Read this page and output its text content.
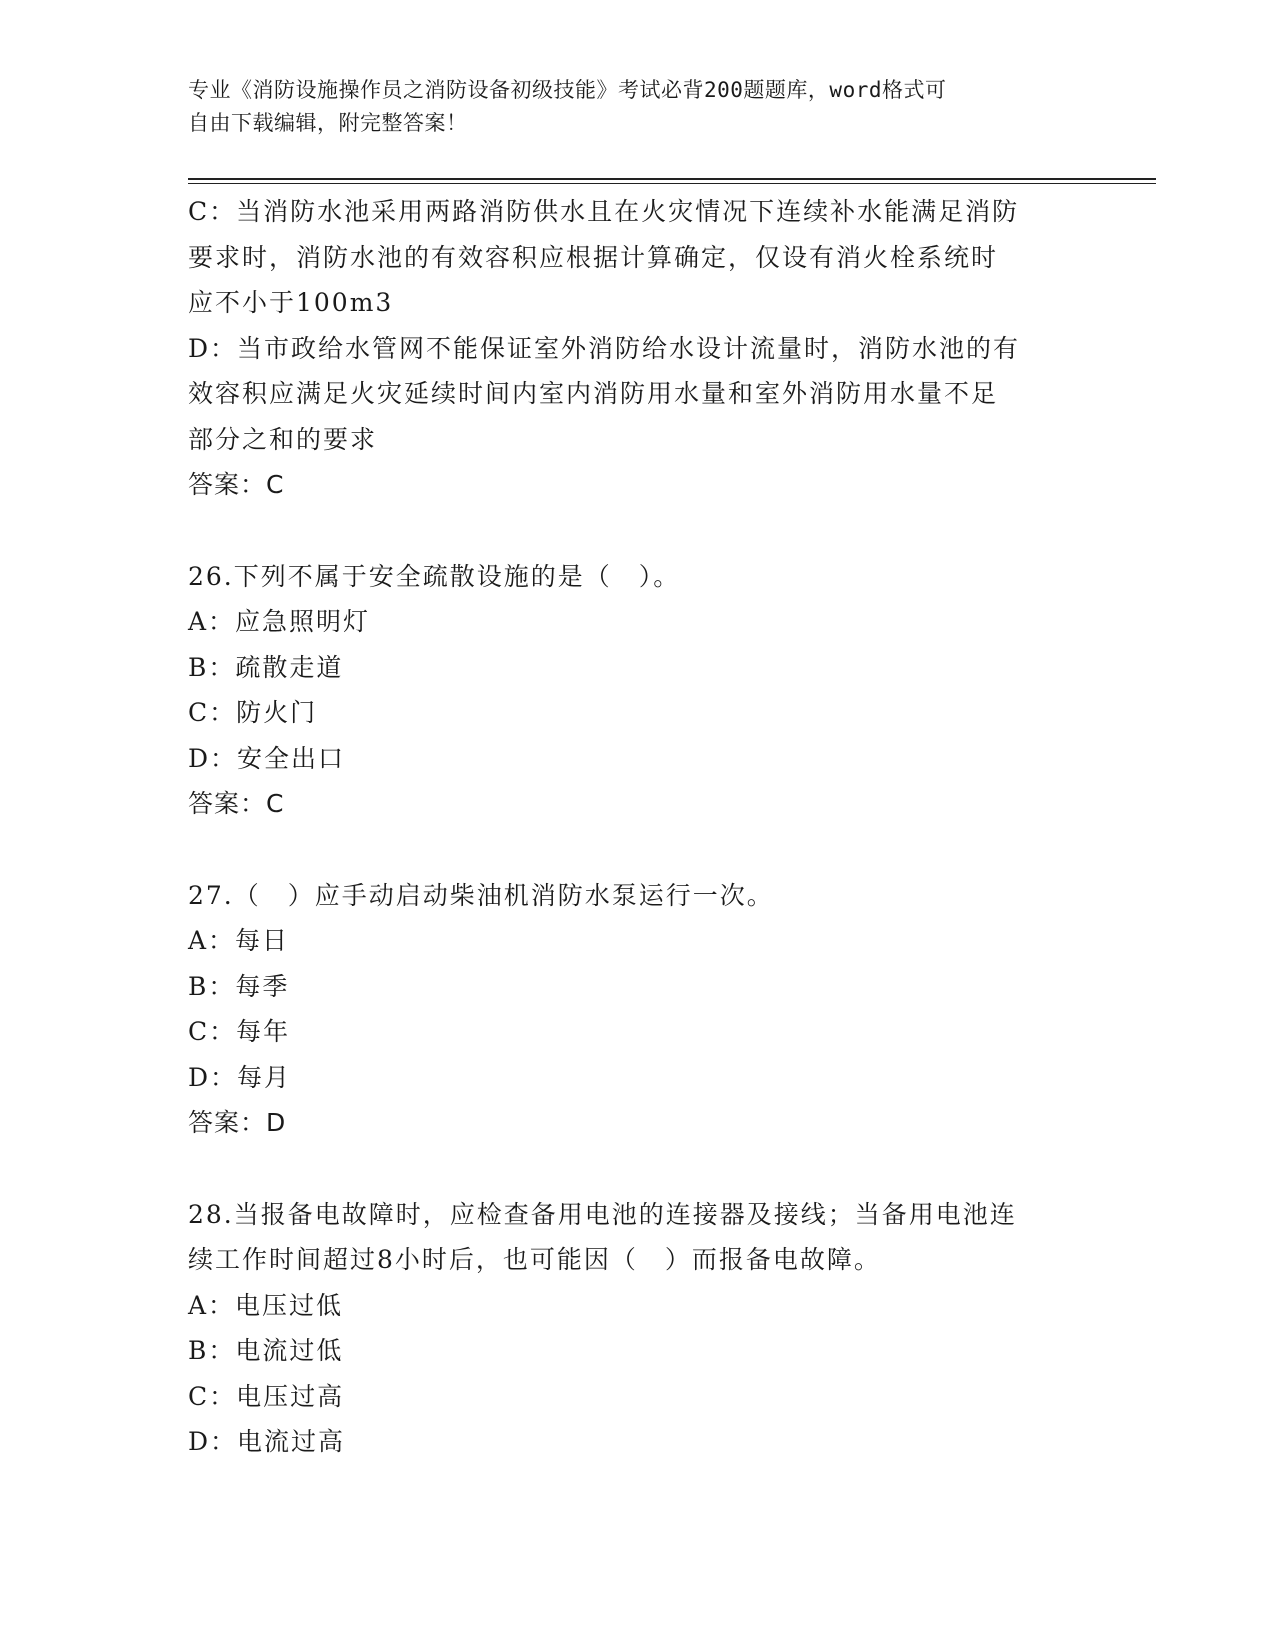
专业《消防设施操作员之消防设备初级技能》考试必背200题题库，word格式可
自由下载编辑，附完整答案！
C：当消防水池采用两路消防供水且在火灾情况下连续补水能满足消防
要求时，消防水池的有效容积应根据计算确定，仅设有消火栓系统时
应不小于100m3
D：当市政给水管网不能保证室外消防给水设计流量时，消防水池的有
效容积应满足火灾延续时间内室内消防用水量和室外消防用水量不足
部分之和的要求
答案：C
26.下列不属于安全疏散设施的是（　）。
A：应急照明灯
B：疏散走道
C：防火门
D：安全出口
答案：C
27.（　）应手动启动柴油机消防水泵运行一次。
A：每日
B：每季
C：每年
D：每月
答案：D
28.当报备电故障时，应检查备用电池的连接器及接线；当备用电池连
续工作时间超过8小时后，也可能因（　）而报备电故障。
A：电压过低
B：电流过低
C：电压过高
D：电流过高
